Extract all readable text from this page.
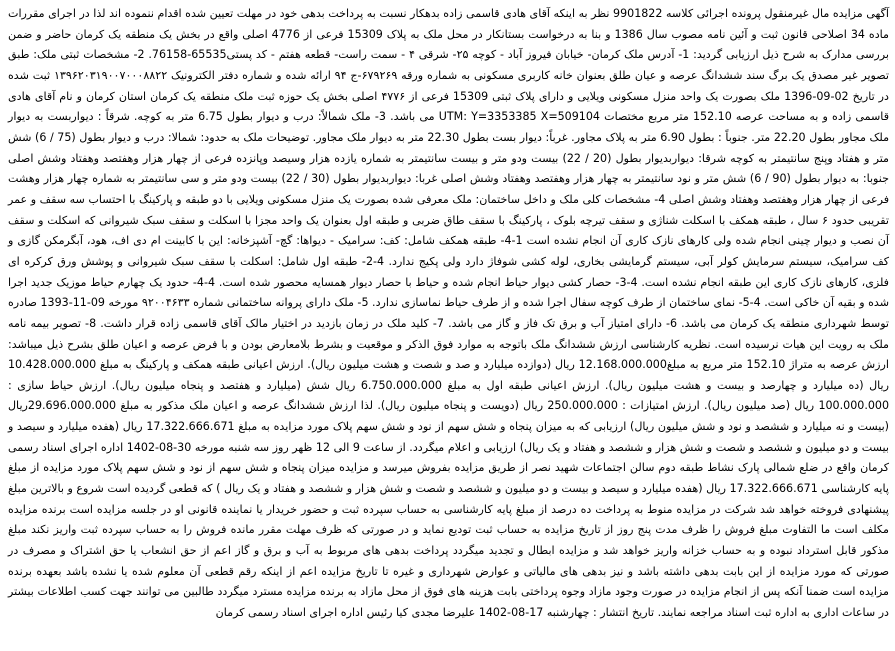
آگهی مزایده مال غیرمنقول پرونده اجرائی کلاسه 9901822 نظر به اینکه آقای هادی قاسمی زاده بدهکار نسبت به پرداخت بدهی خود در مهلت تعیین شده اقدام ننموده اند لذا در اجرای مقررات ماده 34 اصلاحی قانون ثبت و آئین نامه مصوب سال 1386 و بنا به درخواست بستانکار در محل ملک به پلاک 15309 فرعی از 4776 اصلی واقع در بخش یک منطقه یک کرمان حاضر و ضمن بررسی مدارک به شرح ذیل ارزیابی گردید: 1- آدرس ملک کرمان- خیابان فیروز آباد - کوچه ۲۵- شرقی ۴ - سمت راست- قطعه هفتم - کد پستی65535-76158. 2- مشخصات ثبتی ملک: طبق تصویر غیر مصدق یک برگ سند ششدانگ عرصه و عیان طلق بعنوان خانه کاربری مسکونی به شماره ورقه ۶۷۹۲۶۹-ج ۹۴ ارائه شده و شماره دفتر الکترونیک ۱۳۹۶۲۰۳۱۹۰۰۷۰۰۰۸۸۲۲ ثبت شده در تاریخ 02-09-1396 ملک بصورت یک واحد منزل مسکونی ویلایی و دارای پلاک ثبتی 15309 فرعی از ۴۷۷۶ اصلی بخش یک حوزه ثبت ملک منطقه یک کرمان استان کرمان و نام آقای هادی قاسمی زاده و به مساحت عرصه 152.10 متر مربع مختصات UTM: Y=3353385 X=509104 می باشد. 3- ملک شمالاً: درب و دیوار بطول 6.75 متر به کوچه. شرقاً : دیواربست به دیوار ملک مجاور بطول 22.20 متر. جنوباً : بطول 6.90 متر به پلاک مجاور. غرباً: دیوار بست بطول 22.30 متر به دیوار ملک مجاور. توضیحات ملک به حدود: شمالا: درب و دیوار بطول (75 / 6) شش متر و هفتاد وپنج سانتیمتر به کوچه شرقا: دیواربدیوار بطول (20 / 22) بیست ودو متر و بیست سانتیمتر به شماره یازده هزار وسیصد وپانزده فرعی از چهار هزار وهفتصد وهفتاد وشش اصلی جنوبا: به دیوار بطول (90 / 6) شش متر و نود سانتیمتر به چهار هزار وهفتصد وهفتاد وشش اصلی غربا: دیواربدیوار بطول (30 / 22) بیست ودو متر و سی سانتیمتر به شماره چهار هزار وهشت فرعی از چهار هزار وهفتصد وهفتاد وشش اصلی 4- مشخصات کلی ملک و داخل ساختمان: ملک معرفی شده بصورت یک منزل مسکونی ویلایی با دو طبقه و پارکینگ با احتساب سه سقف و عمر تقریبی حدود ۶ سال ، طبقه همکف با اسکلت شناژی و سقف تیرچه بلوک ، پارکینگ با سقف طاق ضربی و طبقه اول بعنوان یک واحد مجزا با اسکلت و سقف سبک شیروانی که اسکلت و سقف آن نصب و دیوار چینی انجام شده ولی کارهای نازک کاری آن انجام نشده است 1-4- طبقه همکف شامل: کف: سرامیک - دیوا‌ها: گچ- آشپزخانه: این با کابینت ام دی اف، هود، آبگرمکن گازی و کف سرامیک، سیستم سرمایش کولر آبی، سیستم گرمایشی بخاری، لوله کشی شوفاژ دارد ولی پکیج ندارد. 4-2- طبقه اول شامل: اسکلت با سقف سبک شیروانی و پوشش ورق کرکره ای فلزی، کارهای نازک کاری این طبقه انجام نشده است. 4-3- حصار کشی دیوار حیاط انجام شده و حیاط با حصار دیوار همسایه محصور شده است. 4-4- حدود یک چهارم حیاط موزیک جدید اجرا شده و بقیه آن خاکی است. 4-5- نمای ساختمان از طرف کوچه سفال اجرا شده و از طرف حیاط نماسازی ندارد. 5- ملک دارای پروانه ساختمانی شماره ۹۲۰۰۴۶۳۳ مورخه 09-11-1393 صادره توسط شهرداری منطقه یک کرمان می باشد. 6- دارای امتیاز آب و برق تک فاز و گاز می باشد. 7- کلید ملک در زمان بازدید در اختیار مالک آقای قاسمی زاده قرار داشت. 8- تصویر بیمه نامه ملک به رویت این هیات نرسیده است. نظریه کارشناسی ارزش ششدانگ ملک باتوجه به موارد فوق الذکر و موقعیت و بشرط بلامعارض بودن و با فرض عرصه و اعیان طلق بشرح ذیل میباشد: ارزش عرصه به متراژ 152.10 متر مربع به مبلغ12.168.000.000 ریال (دوازده میلیارد و صد و شصت و هشت میلیون ریال). ارزش اعیانی طبقه همکف و پارکینگ به مبلغ 10.428.000.000 ریال (ده میلیارد و چهارصد و بیست و هشت میلیون ریال). ارزش اعیانی طبقه اول به مبلغ 6.750.000.000 ریال شش (میلیارد و هفتصد و پنجاه میلیون ریال). ارزش حیاط سازی : 100.000.000 ریال (صد میلیون ریال). ارزش امتیازات : 250.000.000 ریال (دویست و پنجاه میلیون ریال). لذا ارزش ششدانگ عرصه و اعیان ملک مذکور به مبلغ 29.696.000.000ریال (بیست و نه میلیارد و ششصد و نود و شش میلیون ریال) ارزیابی که به میزان پنجاه و شش سهم از نود و شش سهم پلاک مورد مزایده به مبلغ 17.322.666.671 ریال (هفده میلیارد و سیصد و بیست و دو میلیون و ششصد و شصت و شش هزار و ششصد و هفتاد و یک ریال) ارزیابی و اعلام میگردد. از ساعت 9 الی 12 ظهر روز سه شنبه مورخه 30-08-1402 اداره اجرای اسناد رسمی کرمان واقع در ضلع شمالی پارک نشاط طبقه دوم سالن اجتماعات شهید نصر از طریق مزایده بفروش میرسد و مزایده میزان پنجاه و شش سهم از نود و شش سهم پلاک مورد مزایده از مبلغ پایه کارشناسی 17.322.666.671 ریال (هفده میلیارد و سیصد و بیست و دو میلیون و ششصد و شصت و شش هزار و ششصد و هفتاد و یک ریال ) که قطعی گردیده است شروع و بالاترین مبلغ پیشنهادی فروخته خواهد شد شرکت در مزایده منوط به پرداخت ده درصد از مبلغ پایه کارشناسی به حساب سپرده ثبت و حضور خریدار یا نماینده قانونی او در جلسه مزایده است برنده مزایده مکلف است ما التفاوت مبلغ فروش را ظرف مدت پنج روز از تاریخ مزایده به حساب ثبت تودیع نماید و در صورتی که ظرف مهلت مقرر مانده فروش را به حساب سپرده ثبت واریز نکند مبلغ مذکور قابل استرداد نبوده و به حساب خزانه واریز خواهد شد و مزایده ابطال و تجدید میگردد پرداخت بدهی های مربوط به آب و برق و گاز اعم از حق انشعاب یا حق اشتراک و مصرف در صورتی که مورد مزایده از این بابت بدهی داشته باشد و نیز بدهی های مالیاتی و عوارض شهرداری و غیره تا تاریخ مزایده اعم از اینکه رقم قطعی آن معلوم شده یا نشده باشد بعهده برنده مزایده است ضمنا آنکه پس از انجام مزایده در صورت وجود مازاد وجوه پرداختی بابت هزینه های فوق از محل مازاد به برنده مزایده مسترد میگردد طالبین می توانند جهت کسب اطلاعات بیشتر در ساعات اداری به اداره ثبت اسناد مراجعه نمایند. تاریخ انتشار : چهارشنبه 17-08-1402 علیرضا مجدی کیا رئیس اداره اجرای اسناد رسمی کرمان
